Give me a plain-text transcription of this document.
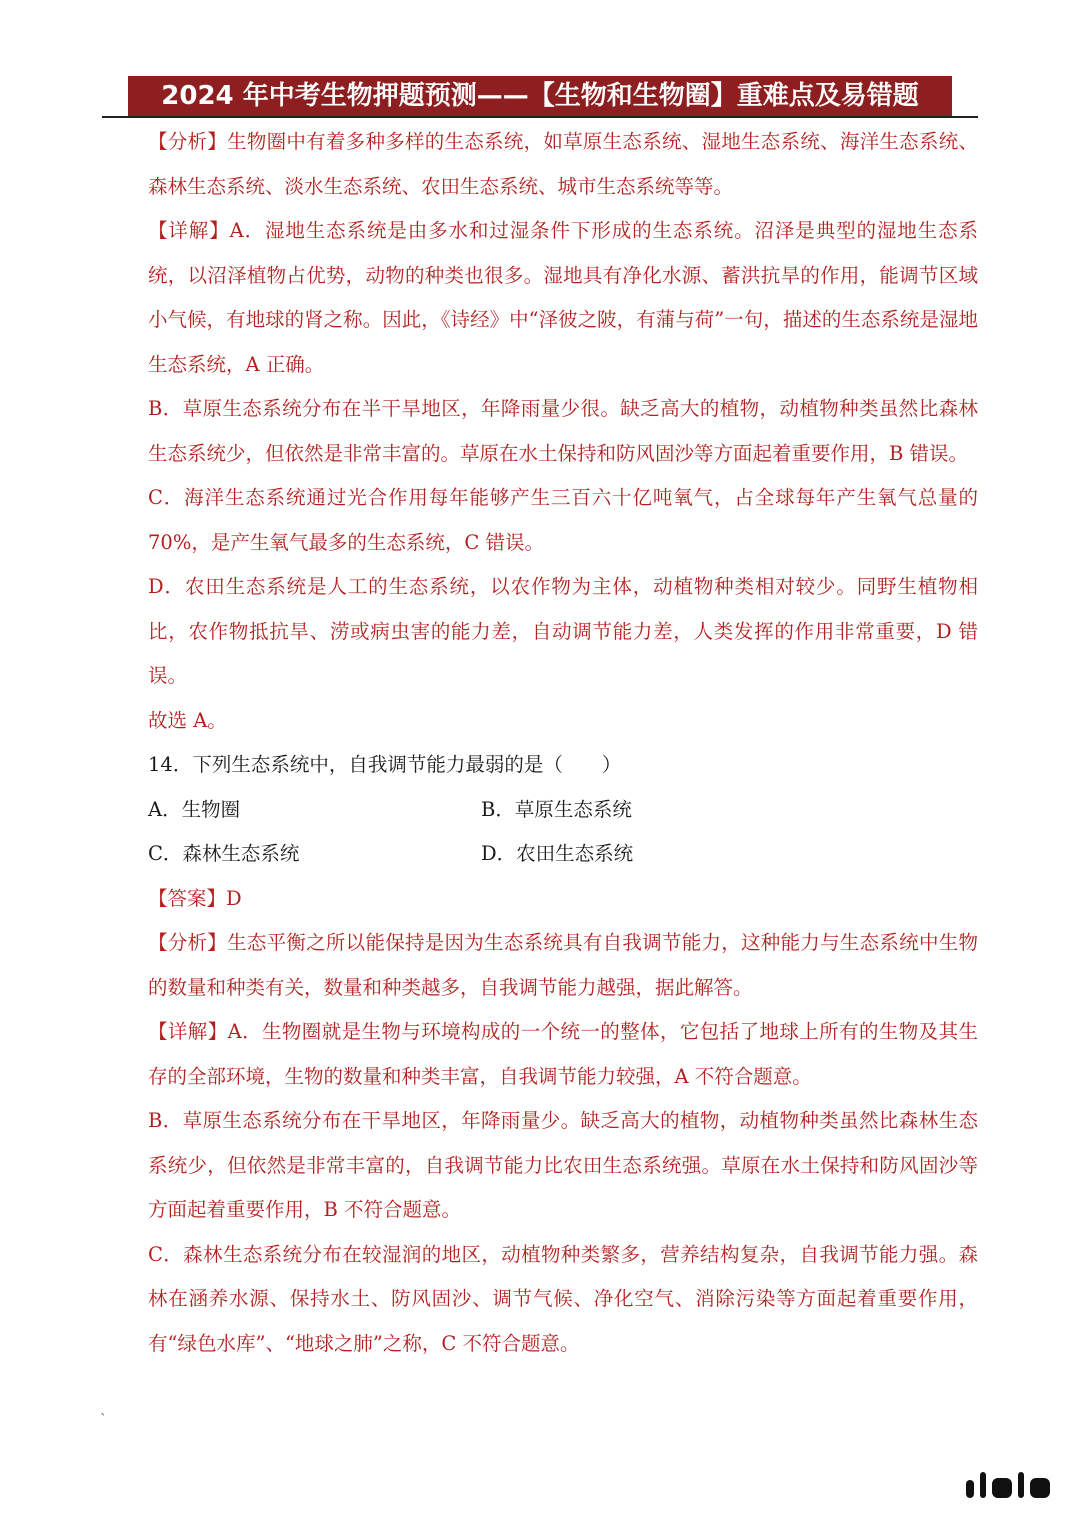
2024 年中考生物押题预测——【生物和生物圈】重难点及易错题

【分析】生物圈中有着多种多样的生态系统，如草原生态系统、湿地生态系统、海洋生态系统、森林生态系统、淡水生态系统、农田生态系统、城市生态系统等等。

【详解】A．湿地生态系统是由多水和过湿条件下形成的生态系统。沼泽是典型的湿地生态系统，以沼泽植物占优势，动物的种类也很多。湿地具有净化水源、蓄洪抗旱的作用，能调节区域小气候，有地球的肾之称。因此，《诗经》中“泽彼之陂，有蒲与荷”一句，描述的生态系统是湿地生态系统，A 正确。

B．草原生态系统分布在半干旱地区，年降雨量少很。缺乏高大的植物，动植物种类虽然比森林生态系统少，但依然是非常丰富的。草原在水土保持和防风固沙等方面起着重要作用，B 错误。

C．海洋生态系统通过光合作用每年能够产生三百六十亿吨氧气，占全球每年产生氧气总量的 70%，是产生氧气最多的生态系统，C 错误。

D．农田生态系统是人工的生态系统，以农作物为主体，动植物种类相对较少。同野生植物相比，农作物抵抗旱、涝或病虫害的能力差，自动调节能力差，人类发挥的作用非常重要，D 错误。

故选 A。

14．下列生态系统中，自我调节能力最弱的是（　　）

A．生物圈	B．草原生态系统
C．森林生态系统	D．农田生态系统

【答案】D

【分析】生态平衡之所以能保持是因为生态系统具有自我调节能力，这种能力与生态系统中生物的数量和种类有关，数量和种类越多，自我调节能力越强，据此解答。

【详解】A．生物圈就是生物与环境构成的一个统一的整体，它包括了地球上所有的生物及其生存的全部环境，生物的数量和种类丰富，自我调节能力较强，A 不符合题意。

B．草原生态系统分布在干旱地区，年降雨量少。缺乏高大的植物，动植物种类虽然比森林生态系统少，但依然是非常丰富的，自我调节能力比农田生态系统强。草原在水土保持和防风固沙等方面起着重要作用，B 不符合题意。

C．森林生态系统分布在较湿润的地区，动植物种类繁多，营养结构复杂，自我调节能力强。森林在涵养水源、保持水土、防风固沙、调节气候、净化空气、消除污染等方面起着重要作用，有“绿色水库”、“地球之肺”之称，C 不符合题意。

`
